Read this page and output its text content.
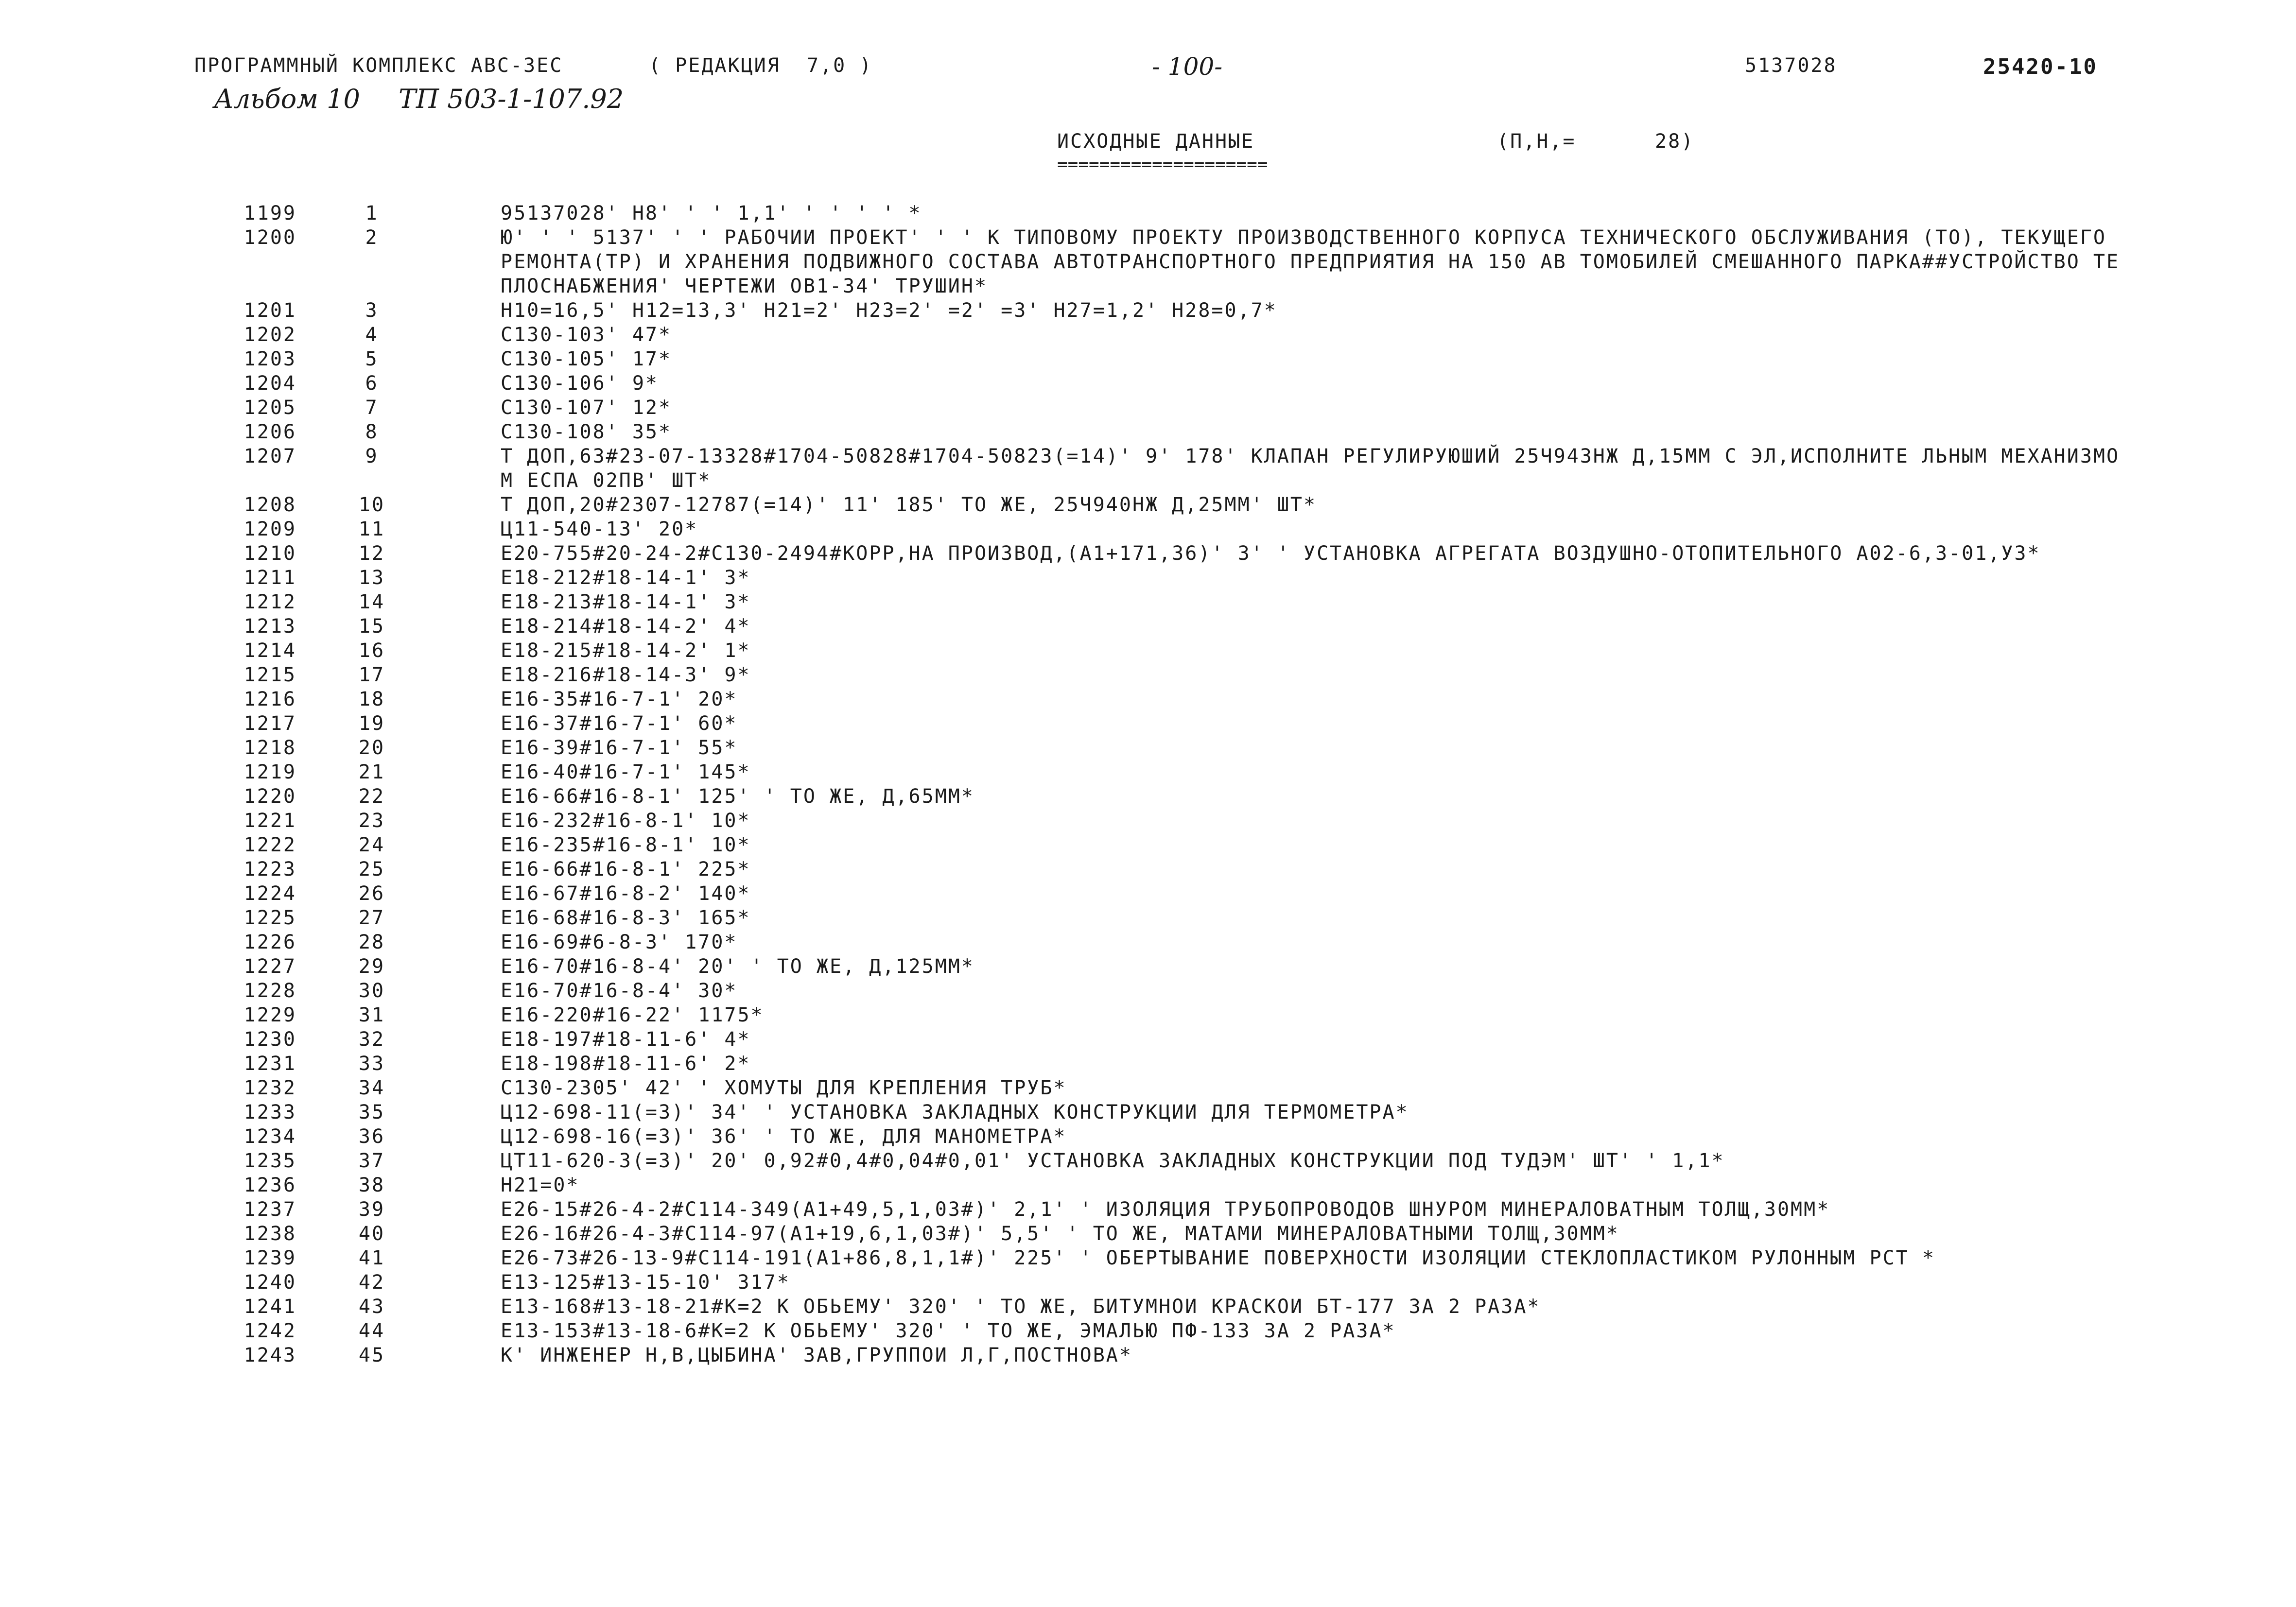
ПРОГРАММНЫЙ КОМПЛЕКС АВС-3ЕС	( РЕДАКЦИЯ  7,0 )	- 100-	5137028	25420-10
Альбом 10 ТП 503-1-107.92
ИСХОДНЫЕ ДАННЫЕ	(П,Н,=      28)
====================
1199	1	95137028' Н8' ' ' 1,1' ' ' ' ' *
1200	2	Ю' ' ' 5137' ' ' РАБОЧИИ ПРОЕКТ' ' ' К ТИПОВОМУ ПРОЕКТУ ПРОИЗВОДСТВЕННОГО КОРПУСА ТЕХНИЧЕСКОГО ОБСЛУЖИВАНИЯ (ТО), ТЕКУЩЕГО РЕМОНТА(ТР) И ХРАНЕНИЯ ПОДВИЖНОГО СОСТАВА АВТОТРАНСПОРТНОГО ПРЕДПРИЯТИЯ НА 150 АВ ТОМОБИЛЕЙ СМЕШАННОГО ПАРКА##УСТРОЙСТВО ТЕПЛОСНАБЖЕНИЯ' ЧЕРТЕЖИ ОВ1-34' ТРУШИН*
1201	3	Н10=16,5' Н12=13,3' Н21=2' Н23=2' =2' =3' Н27=1,2' Н28=0,7*
1202	4	С130-103' 47*
1203	5	С130-105' 17*
1204	6	С130-106' 9*
1205	7	С130-107' 12*
1206	8	С130-108' 35*
1207	9	Т ДОП,63#23-07-13328#1704-50828#1704-50823(=14)' 9' 178' КЛАПАН РЕГУЛИРУЮШИЙ 25Ч943НЖ Д,15ММ С ЭЛ,ИСПОЛНИТЕ ЛЬНЫМ МЕХАНИЗМОМ ЕСПА 02ПВ' ШТ*
1208	10	Т ДОП,20#2307-12787(=14)' 11' 185' ТО ЖЕ, 25Ч940НЖ Д,25ММ' ШТ*
1209	11	Ц11-540-13' 20*
1210	12	Е20-755#20-24-2#С130-2494#КОРР,НА ПРОИЗВОД,(А1+171,36)' 3' ' УСТАНОВКА АГРЕГАТА ВОЗДУШНО-ОТОПИТЕЛЬНОГО А02-6,3-01,У3*
1211	13	Е18-212#18-14-1' 3*
1212	14	Е18-213#18-14-1' 3*
1213	15	Е18-214#18-14-2' 4*
1214	16	Е18-215#18-14-2' 1*
1215	17	Е18-216#18-14-3' 9*
1216	18	Е16-35#16-7-1' 20*
1217	19	Е16-37#16-7-1' 60*
1218	20	Е16-39#16-7-1' 55*
1219	21	Е16-40#16-7-1' 145*
1220	22	Е16-66#16-8-1' 125' ' ТО ЖЕ, Д,65ММ*
1221	23	Е16-232#16-8-1' 10*
1222	24	Е16-235#16-8-1' 10*
1223	25	Е16-66#16-8-1' 225*
1224	26	Е16-67#16-8-2' 140*
1225	27	Е16-68#16-8-3' 165*
1226	28	Е16-69#6-8-3' 170*
1227	29	Е16-70#16-8-4' 20' ' ТО ЖЕ, Д,125ММ*
1228	30	Е16-70#16-8-4' 30*
1229	31	Е16-220#16-22' 1175*
1230	32	Е18-197#18-11-6' 4*
1231	33	Е18-198#18-11-6' 2*
1232	34	С130-2305' 42' ' ХОМУТЫ ДЛЯ КРЕПЛЕНИЯ ТРУБ*
1233	35	Ц12-698-11(=3)' 34' ' УСТАНОВКА ЗАКЛАДНЫХ КОНСТРУКЦИИ ДЛЯ ТЕРМОМЕТРА*
1234	36	Ц12-698-16(=3)' 36' ' ТО ЖЕ, ДЛЯ МАНОМЕТРА*
1235	37	ЦТ11-620-3(=3)' 20' 0,92#0,4#0,04#0,01' УСТАНОВКА ЗАКЛАДНЫХ КОНСТРУКЦИИ ПОД ТУДЭМ' ШТ' ' 1,1*
1236	38	Н21=0*
1237	39	Е26-15#26-4-2#С114-349(А1+49,5,1,03#)' 2,1' ' ИЗОЛЯЦИЯ ТРУБОПРОВОДОВ ШНУРОМ МИНЕРАЛОВАТНЫМ ТОЛЩ,30ММ*
1238	40	Е26-16#26-4-3#С114-97(А1+19,6,1,03#)' 5,5' ' ТО ЖЕ, МАТАМИ МИНЕРАЛОВАТНЫМИ ТОЛЩ,30ММ*
1239	41	Е26-73#26-13-9#С114-191(А1+86,8,1,1#)' 225' ' ОБЕРТЫВАНИЕ ПОВЕРХНОСТИ ИЗОЛЯЦИИ СТЕКЛОПЛАСТИКОМ РУЛОННЫМ РСТ *
1240	42	Е13-125#13-15-10' 317*
1241	43	Е13-168#13-18-21#К=2 К ОБЬЕМУ' 320' ' ТО ЖЕ, БИТУМНОИ КРАСКОИ БТ-177 ЗА 2 РАЗА*
1242	44	Е13-153#13-18-6#К=2 К ОБЬЕМУ' 320' ' ТО ЖЕ, ЭМАЛЬЮ ПФ-133 ЗА 2 РАЗА*
1243	45	К' ИНЖЕНЕР Н,В,ЦЫБИНА' ЗАВ,ГРУППОИ Л,Г,ПОСТНОВА*
